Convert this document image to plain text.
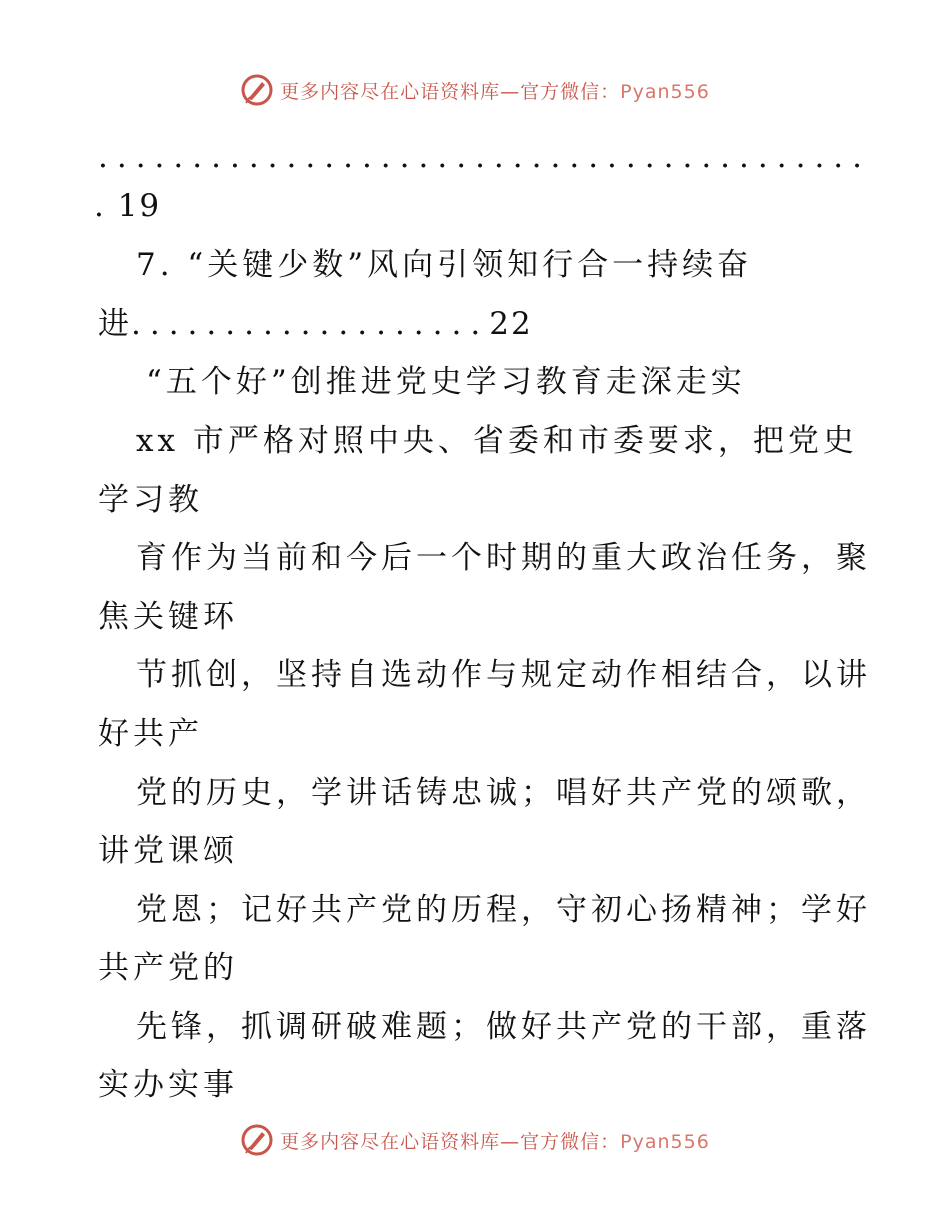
更多内容尽在心语资料库—官方微信：Pyan556
.........................................
. 19
7. “关键少数”风向引领知行合一持续奋
进...................22
“五个好”创推进党史学习教育走深走实
xx 市严格对照中央、省委和市委要求，把党史
学习教
育作为当前和今后一个时期的重大政治任务，聚
焦关键环
节抓创，坚持自选动作与规定动作相结合，以讲
好共产
党的历史，学讲话铸忠诚；唱好共产党的颂歌，
讲党课颂
党恩；记好共产党的历程，守初心扬精神；学好
共产党的
先锋，抓调研破难题；做好共产党的干部，重落
实办实事
更多内容尽在心语资料库—官方微信：Pyan556
